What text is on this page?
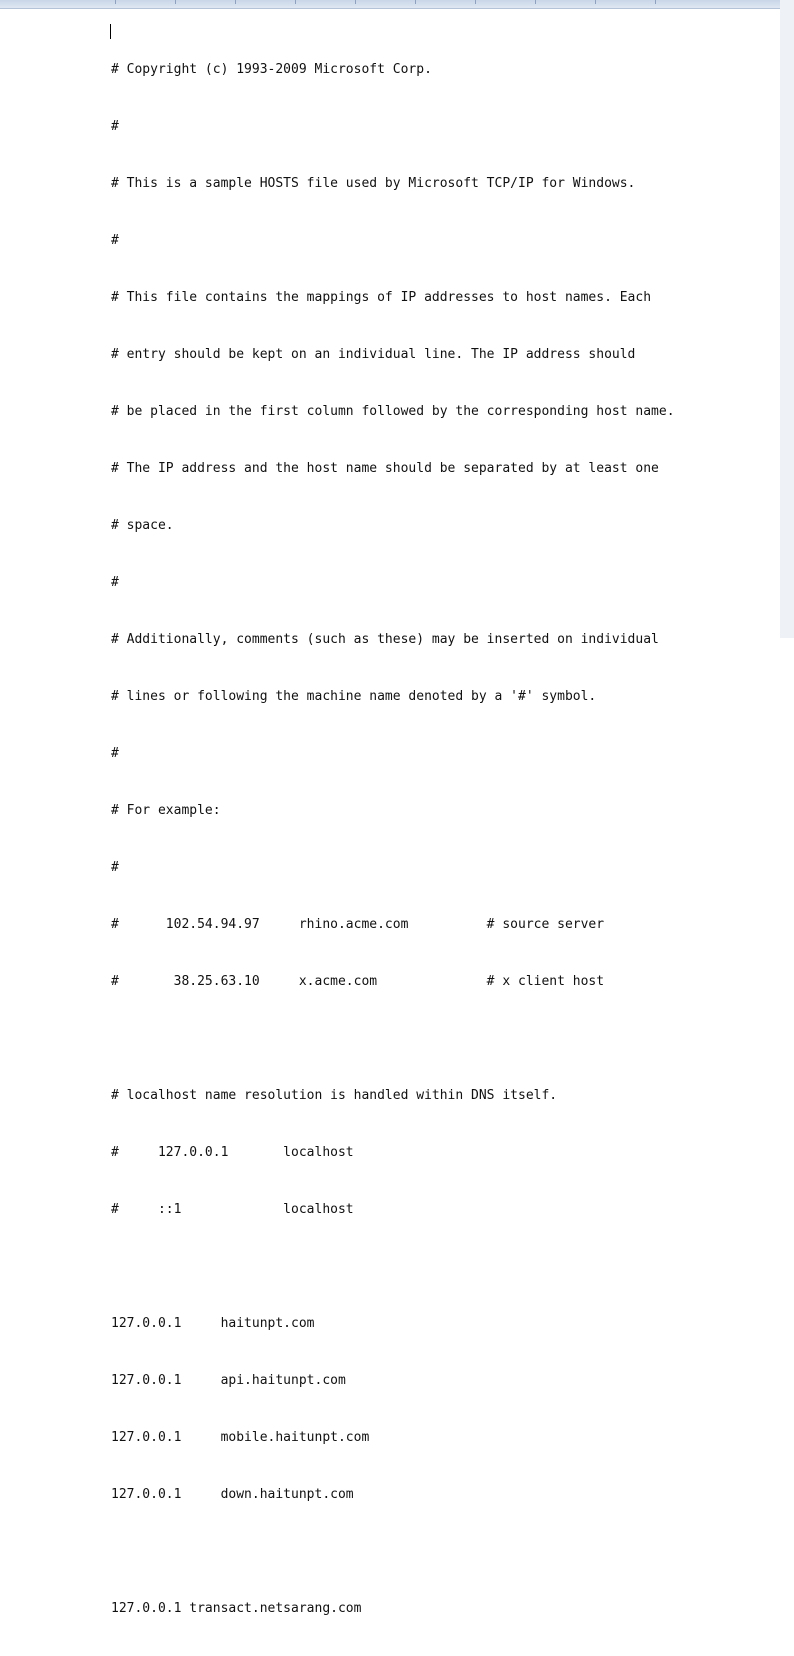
# Copyright (c) 1993-2009 Microsoft Corp.

#

# This is a sample HOSTS file used by Microsoft TCP/IP for Windows.

#

# This file contains the mappings of IP addresses to host names. Each

# entry should be kept on an individual line. The IP address should

# be placed in the first column followed by the corresponding host name.

# The IP address and the host name should be separated by at least one

# space.

#

# Additionally, comments (such as these) may be inserted on individual

# lines or following the machine name denoted by a '#' symbol.

#

# For example:

#

#      102.54.94.97     rhino.acme.com          # source server

#       38.25.63.10     x.acme.com              # x client host

# localhost name resolution is handled within DNS itself.

#     127.0.0.1       localhost

#     ::1             localhost

127.0.0.1     haitunpt.com

127.0.0.1     api.haitunpt.com

127.0.0.1     mobile.haitunpt.com

127.0.0.1     down.haitunpt.com

127.0.0.1 transact.netsarang.com
